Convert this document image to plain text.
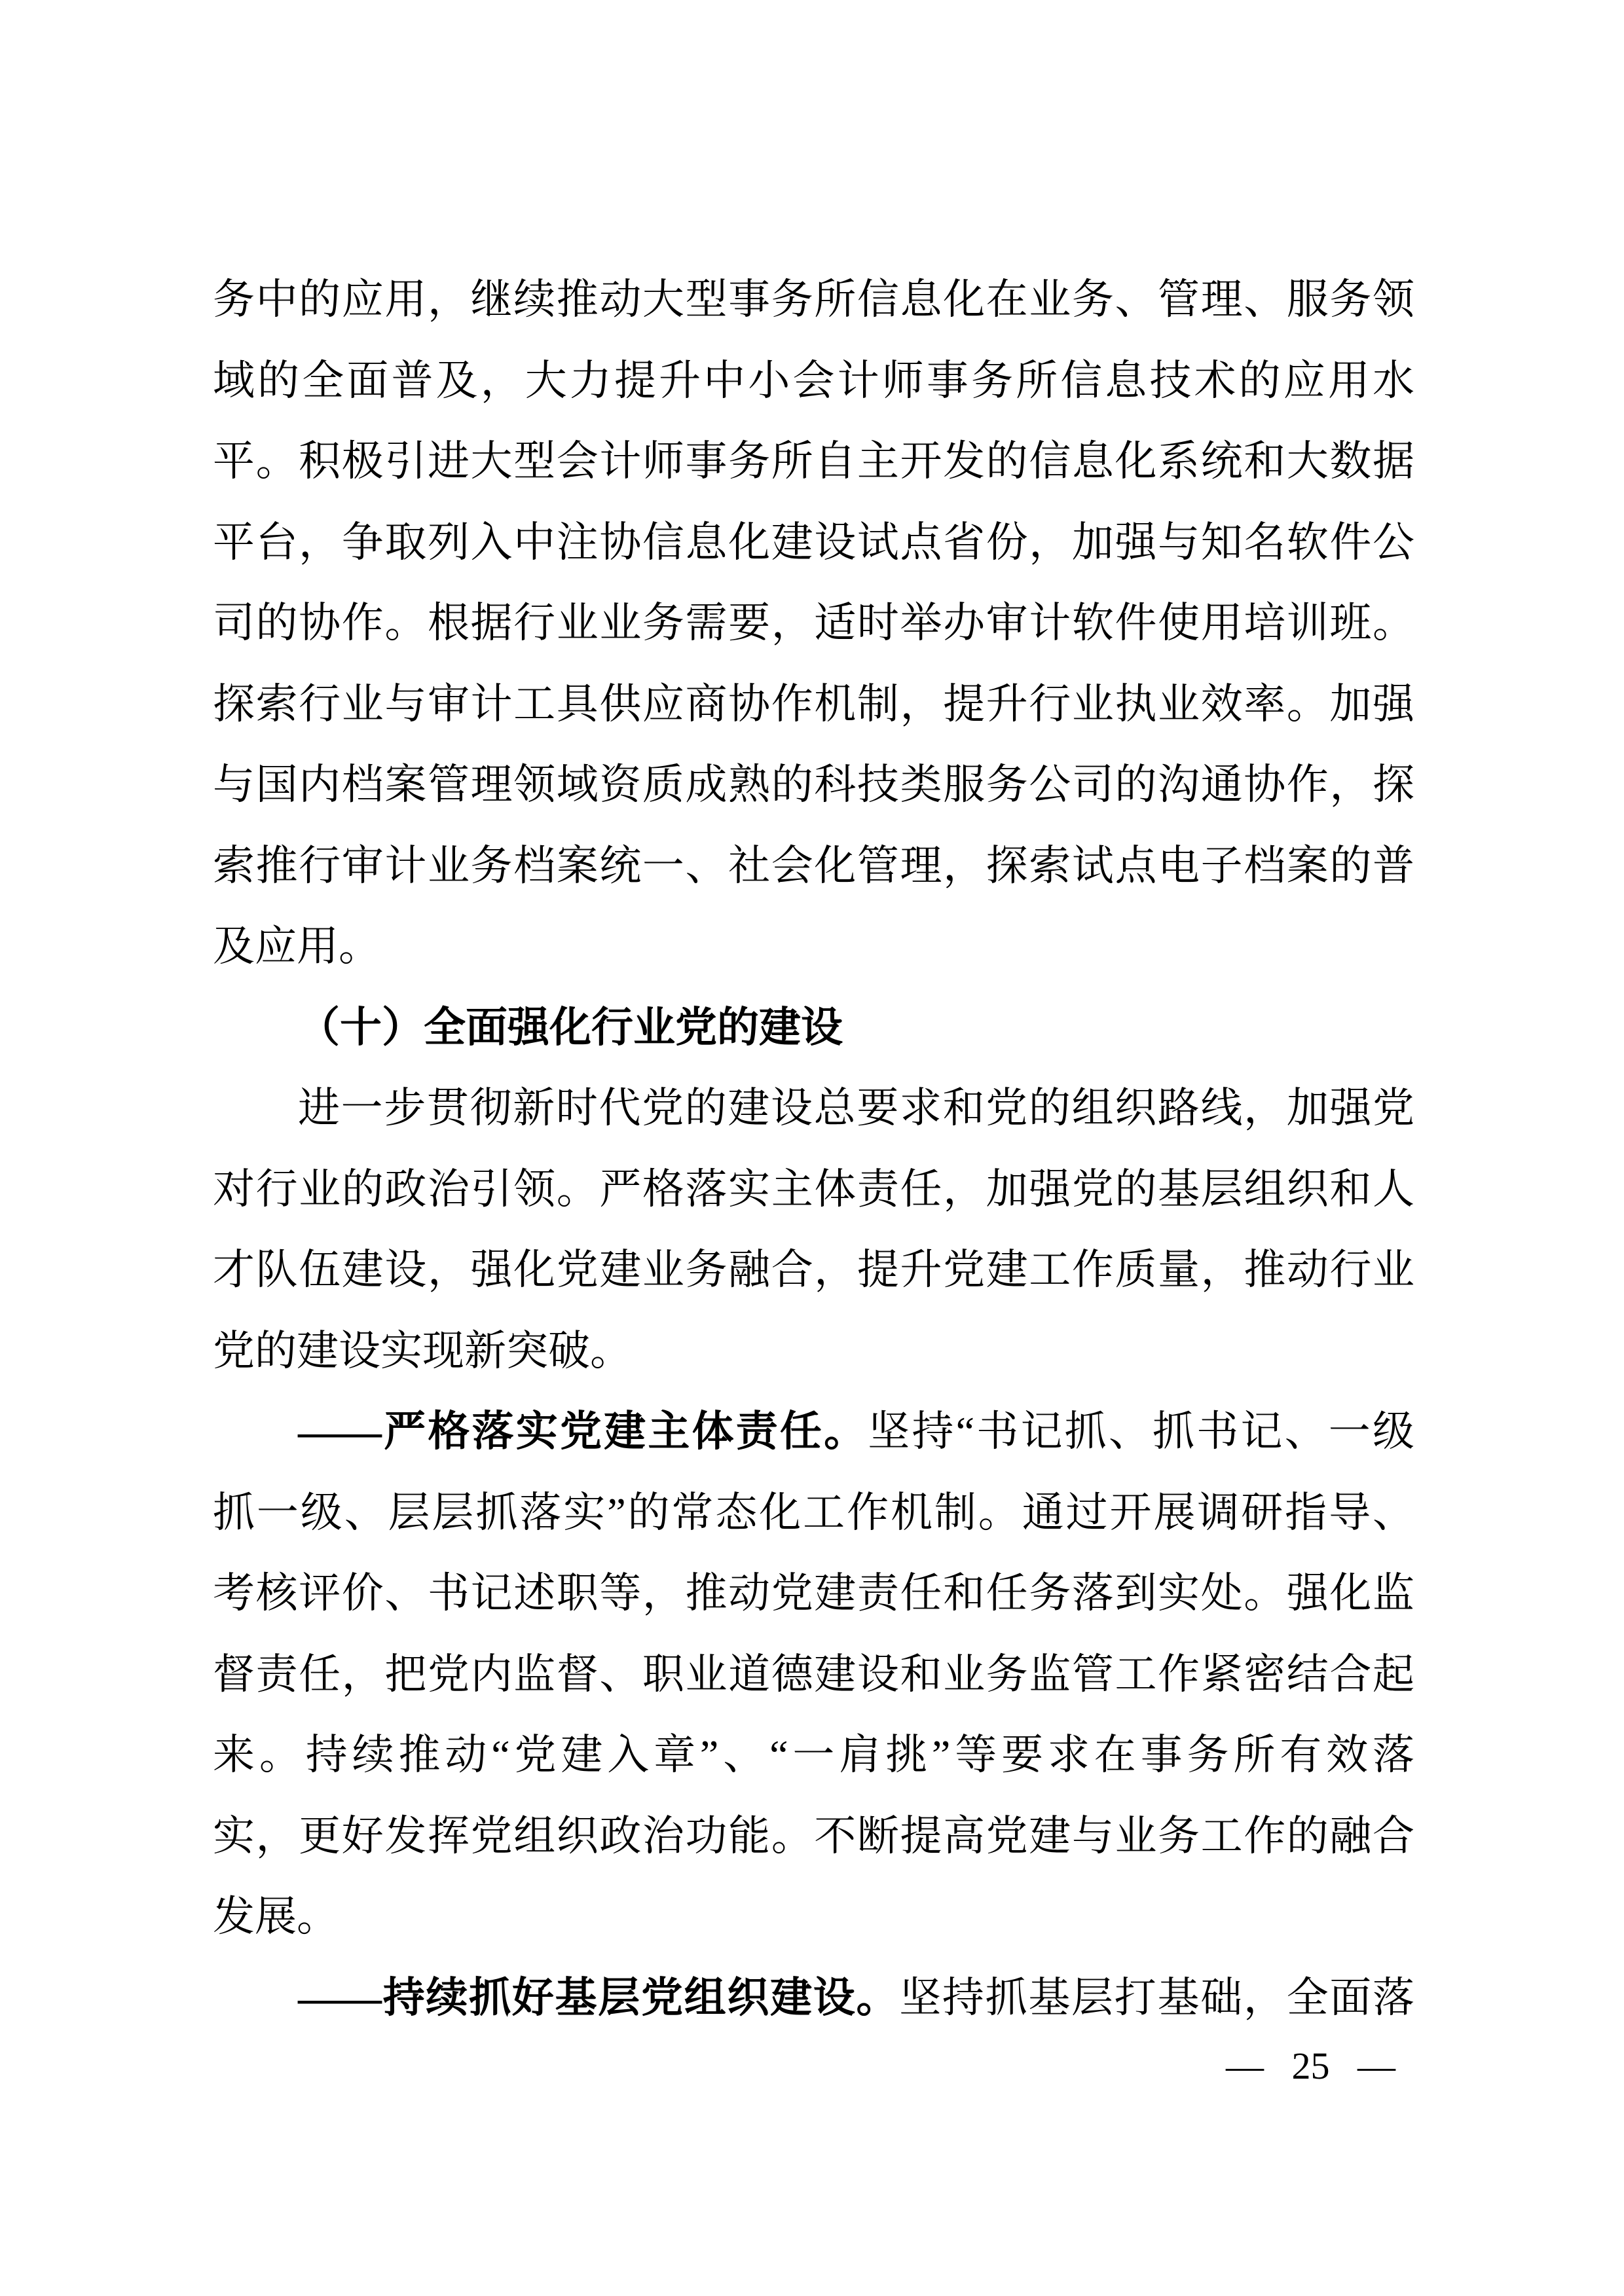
务中的应用，继续推动大型事务所信息化在业务、管理、服务领
域的全面普及，大力提升中小会计师事务所信息技术的应用水
平。积极引进大型会计师事务所自主开发的信息化系统和大数据
平台，争取列入中注协信息化建设试点省份，加强与知名软件公
司的协作。根据行业业务需要，适时举办审计软件使用培训班。
探索行业与审计工具供应商协作机制，提升行业执业效率。加强
与国内档案管理领域资质成熟的科技类服务公司的沟通协作，探
索推行审计业务档案统一、社会化管理，探索试点电子档案的普
及应用。
（十）全面强化行业党的建设
进一步贯彻新时代党的建设总要求和党的组织路线，加强党
对行业的政治引领。严格落实主体责任，加强党的基层组织和人
才队伍建设，强化党建业务融合，提升党建工作质量，推动行业
党的建设实现新突破。
——严格落实党建主体责任。坚持“书记抓、抓书记、一级
抓一级、层层抓落实”的常态化工作机制。通过开展调研指导、
考核评价、书记述职等，推动党建责任和任务落到实处。强化监
督责任，把党内监督、职业道德建设和业务监管工作紧密结合起
来。持续推动“党建入章”、“一肩挑”等要求在事务所有效落
实，更好发挥党组织政治功能。不断提高党建与业务工作的融合
发展。
——持续抓好基层党组织建设。坚持抓基层打基础，全面落
— 25 —
